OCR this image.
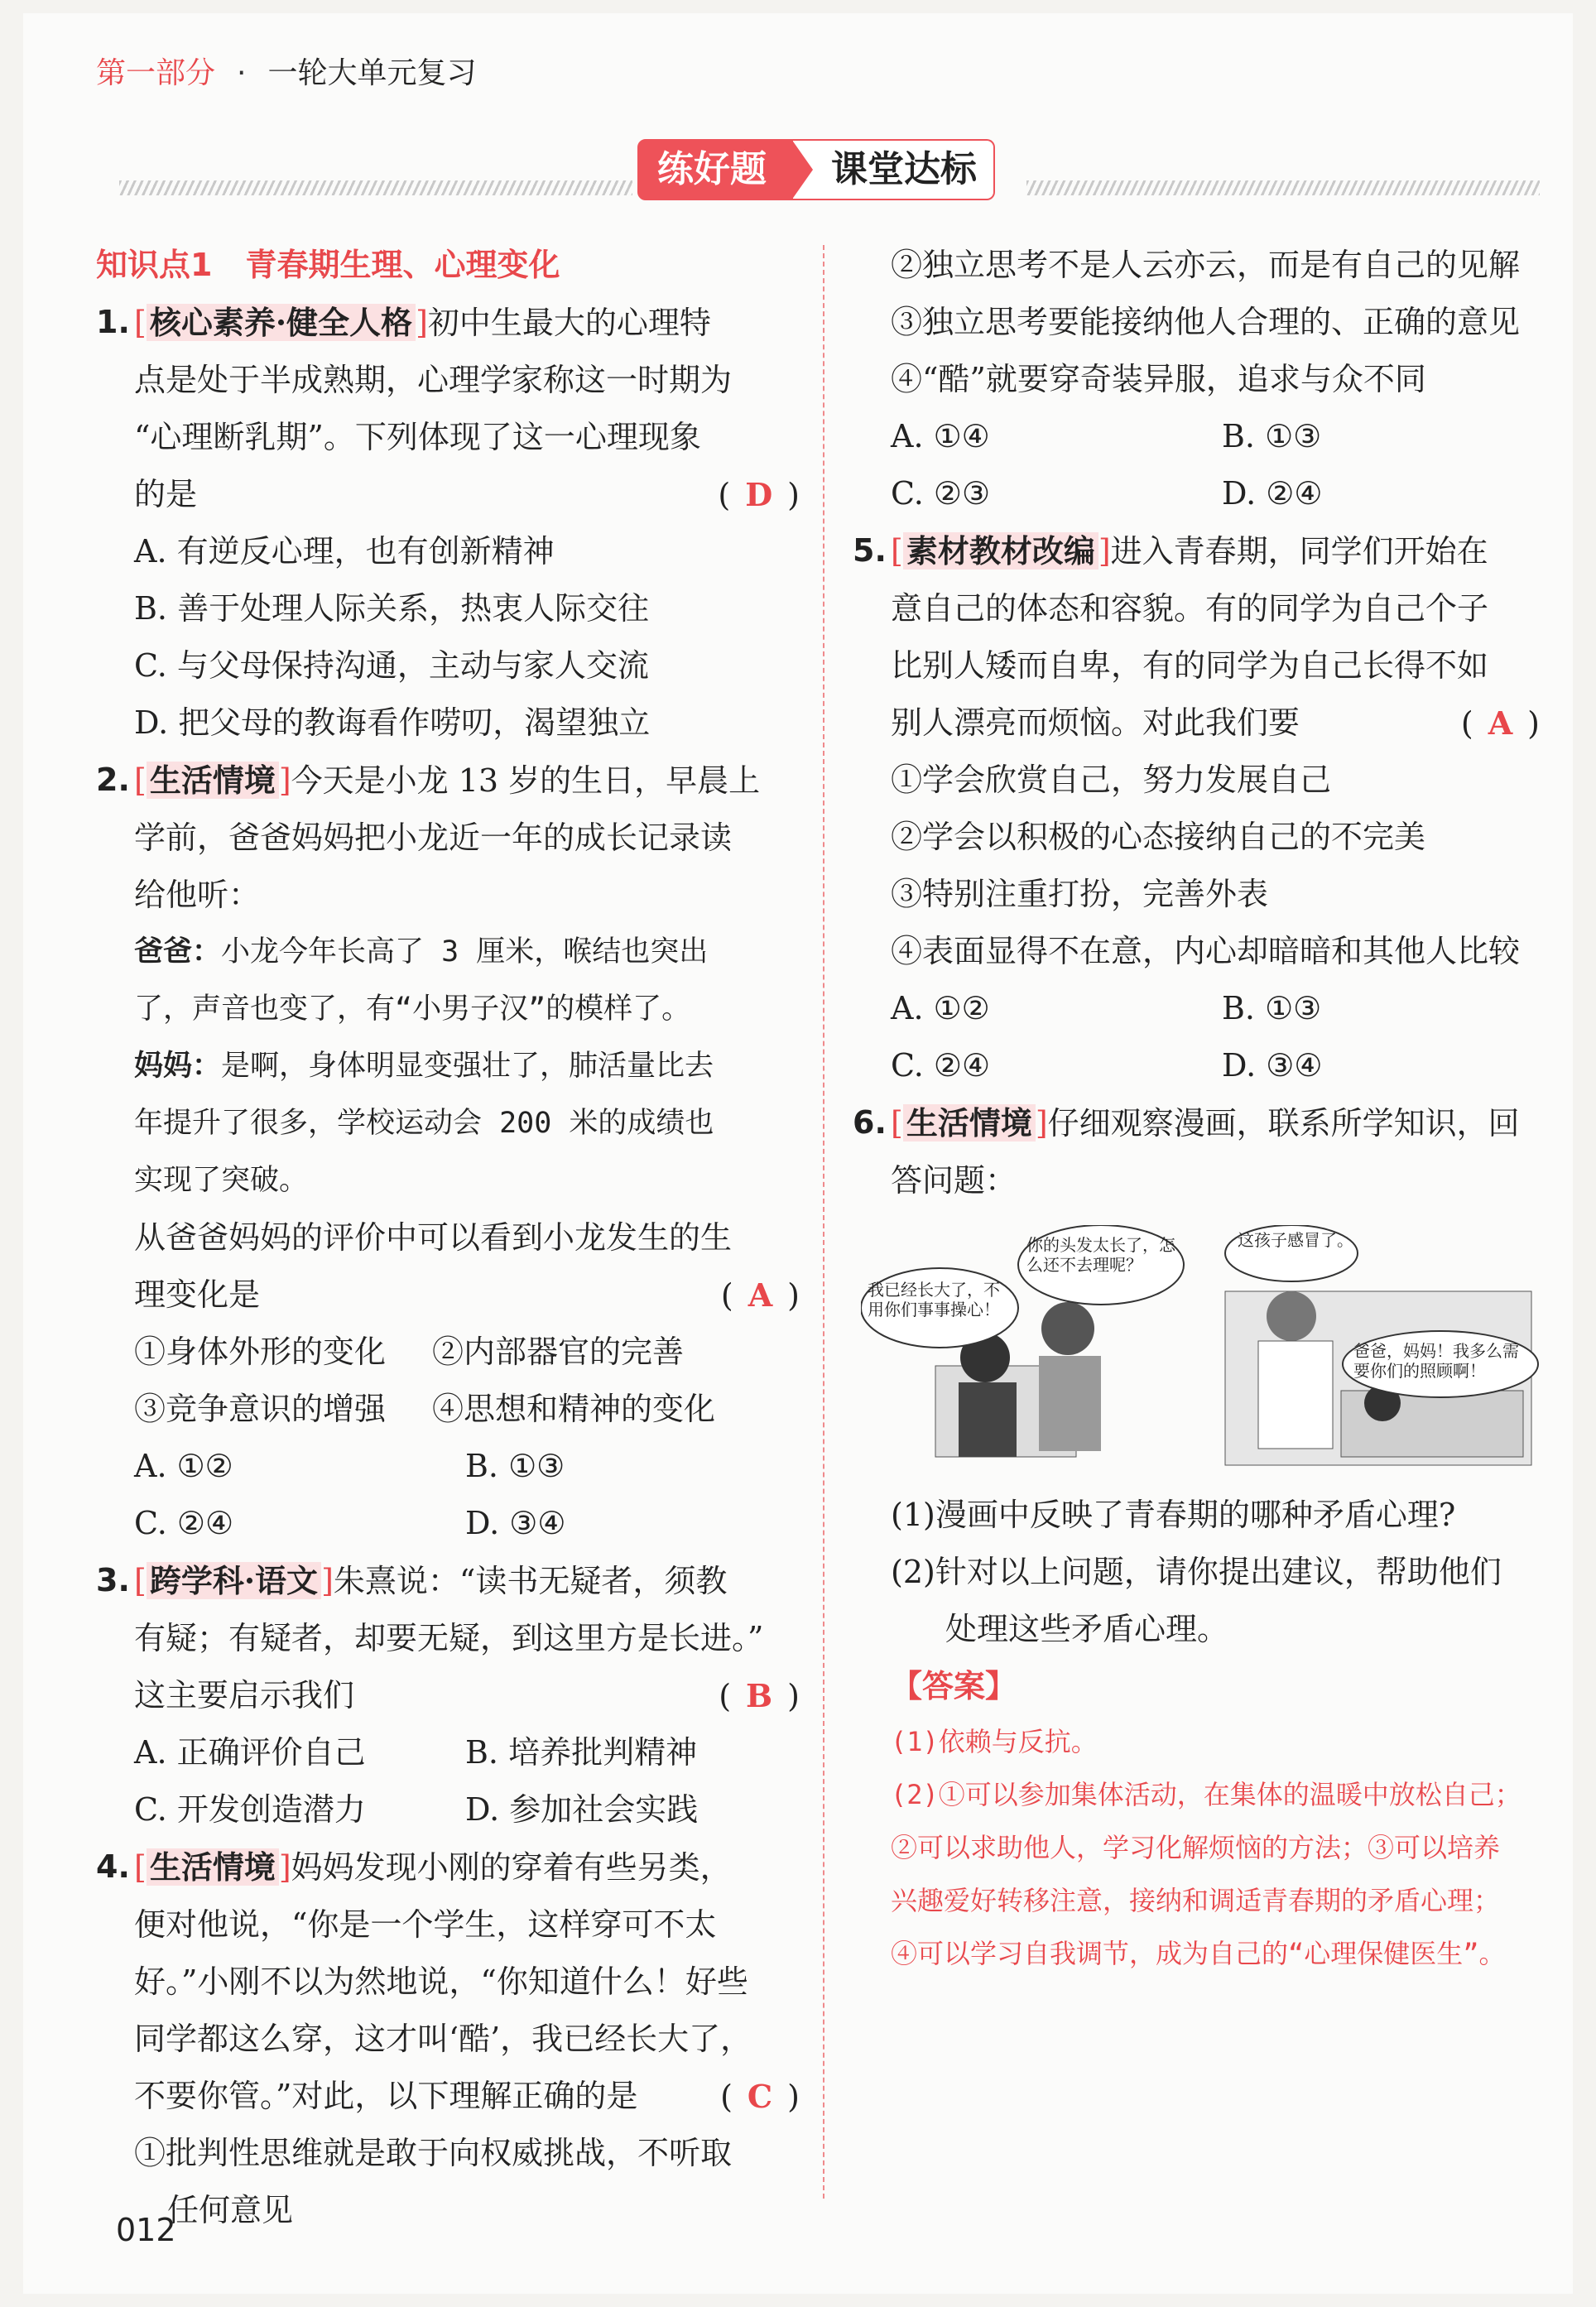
第一部分 · 一轮大单元复习
练好题	课堂达标
知识点1 青春期生理、心理变化
1. [ 核心素养·健全人格 ]初中生最大的心理特
点是处于半成熟期，心理学家称这一时期为
“心理断乳期”。下列体现了这一心理现象
的是	( D )
A. 有逆反心理，也有创新精神
B. 善于处理人际关系，热衷人际交往
C. 与父母保持沟通，主动与家人交流
D. 把父母的教诲看作唠叨，渴望独立
2. [ 生活情境 ]今天是小龙 13 岁的生日，早晨上
学前，爸爸妈妈把小龙近一年的成长记录读
给他听：
爸爸：小龙今年长高了 3 厘米，喉结也突出
了，声音也变了，有“小男子汉”的模样了。
妈妈：是啊，身体明显变强壮了，肺活量比去
年提升了很多，学校运动会 200 米的成绩也
实现了突破。
从爸爸妈妈的评价中可以看到小龙发生的生
理变化是	( A )
①身体外形的变化	②内部器官的完善
③竞争意识的增强	④思想和精神的变化
A. ①②	B. ①③
C. ②④	D. ③④
3. [ 跨学科·语文 ]朱熹说：“读书无疑者，须教
有疑；有疑者，却要无疑，到这里方是长进。”
这主要启示我们	( B )
A. 正确评价自己	B. 培养批判精神
C. 开发创造潜力	D. 参加社会实践
4. [ 生活情境 ]妈妈发现小刚的穿着有些另类，
便对他说，“你是一个学生，这样穿可不太
好。”小刚不以为然地说，“你知道什么！好些
同学都这么穿，这才叫‘酷’，我已经长大了，
不要你管。”对此，以下理解正确的是	( C )
①批判性思维就是敢于向权威挑战，不听取
任何意见
②独立思考不是人云亦云，而是有自己的见解
③独立思考要能接纳他人合理的、正确的意见
④“酷”就要穿奇装异服，追求与众不同
A. ①④	B. ①③
C. ②③	D. ②④
5. [ 素材教材改编 ]进入青春期，同学们开始在
意自己的体态和容貌。有的同学为自己个子
比别人矮而自卑，有的同学为自己长得不如
别人漂亮而烦恼。对此我们要	( A )
①学会欣赏自己，努力发展自己
②学会以积极的心态接纳自己的不完美
③特别注重打扮，完善外表
④表面显得不在意，内心却暗暗和其他人比较
A. ①②	B. ①③
C. ②④	D. ③④
6. [ 生活情境 ]仔细观察漫画，联系所学知识，回
答问题：
我已经长大了，不用你们事事操心！
你的头发太长了，怎么还不去理呢？
这孩子感冒了。
爸爸，妈妈！我多么需要你们的照顾啊！
(1)漫画中反映了青春期的哪种矛盾心理?
(2)针对以上问题，请你提出建议，帮助他们
处理这些矛盾心理。
【答案】
(1)依赖与反抗。
(2)①可以参加集体活动，在集体的温暖中放松自己；
②可以求助他人，学习化解烦恼的方法；③可以培养
兴趣爱好转移注意，接纳和调适青春期的矛盾心理；
④可以学习自我调节，成为自己的“心理保健医生”。
012
